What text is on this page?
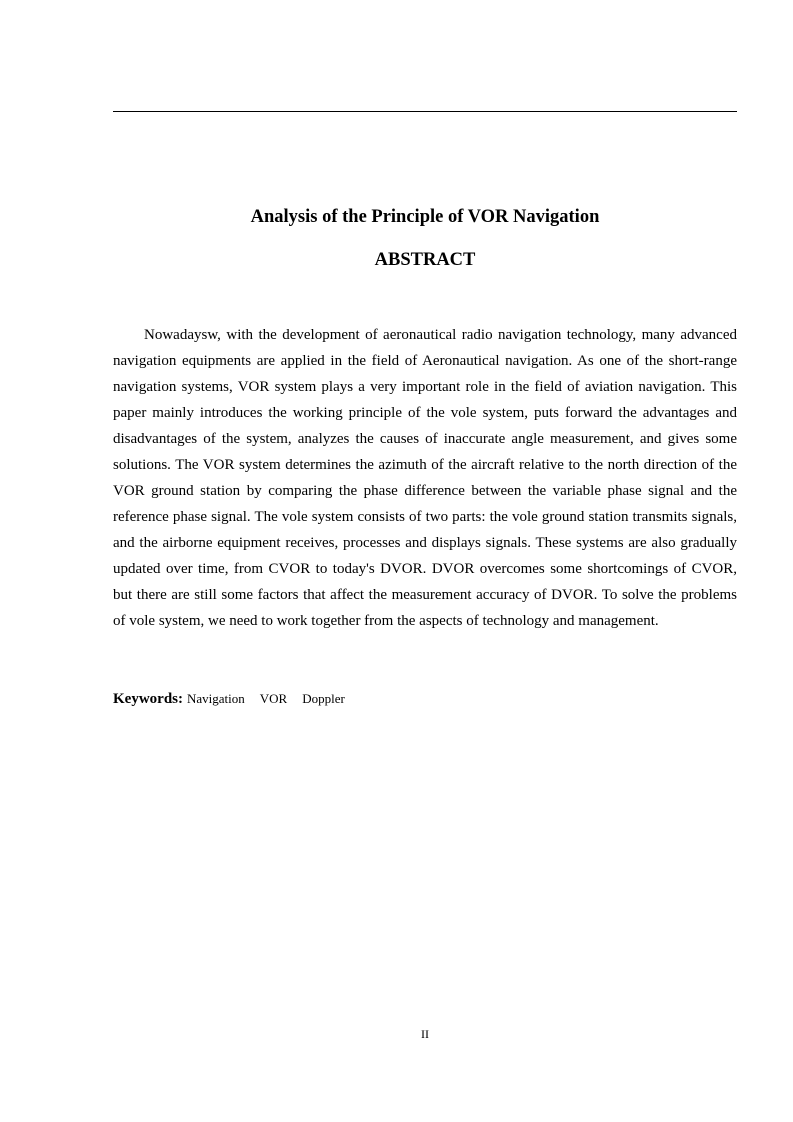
Analysis of the Principle of VOR Navigation
ABSTRACT

Nowadaysw, with the development of aeronautical radio navigation technology, many advanced navigation equipments are applied in the field of Aeronautical navigation. As one of the short-range navigation systems, VOR system plays a very important role in the field of aviation navigation. This paper mainly introduces the working principle of the vole system, puts forward the advantages and disadvantages of the system, analyzes the causes of inaccurate angle measurement, and gives some solutions. The VOR system determines the azimuth of the aircraft relative to the north direction of the VOR ground station by comparing the phase difference between the variable phase signal and the reference phase signal. The vole system consists of two parts: the vole ground station transmits signals, and the airborne equipment receives, processes and displays signals. These systems are also gradually updated over time, from CVOR to today's DVOR. DVOR overcomes some shortcomings of CVOR, but there are still some factors that affect the measurement accuracy of DVOR. To solve the problems of vole system, we need to work together from the aspects of technology and management.

Keywords: Navigation VOR Doppler
II
